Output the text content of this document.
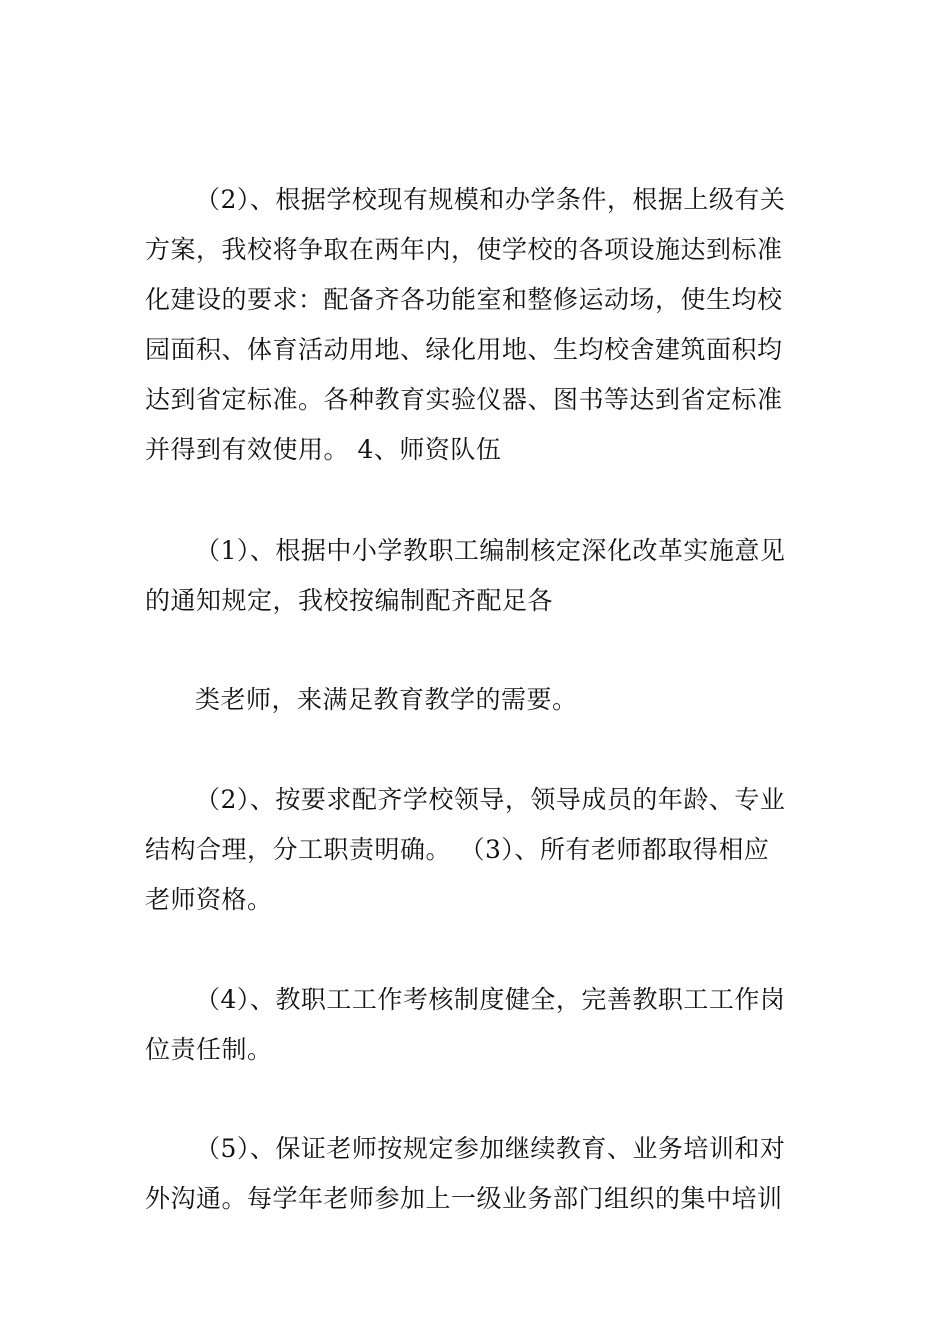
（2）、根据学校现有规模和办学条件，根据上级有关
方案，我校将争取在两年内，使学校的各项设施达到标准
化建设的要求：配备齐各功能室和整修运动场，使生均校
园面积、体育活动用地、绿化用地、生均校舍建筑面积均
达到省定标准。各种教育实验仪器、图书等达到省定标准
并得到有效使用。 4、师资队伍
（1）、根据中小学教职工编制核定深化改革实施意见
的通知规定，我校按编制配齐配足各
类老师，来满足教育教学的需要。
（2）、按要求配齐学校领导，领导成员的年龄、专业
结构合理，分工职责明确。 （3）、所有老师都取得相应
老师资格。
（4）、教职工工作考核制度健全，完善教职工工作岗
位责任制。
（5）、保证老师按规定参加继续教育、业务培训和对
外沟通。每学年老师参加上一级业务部门组织的集中培训
